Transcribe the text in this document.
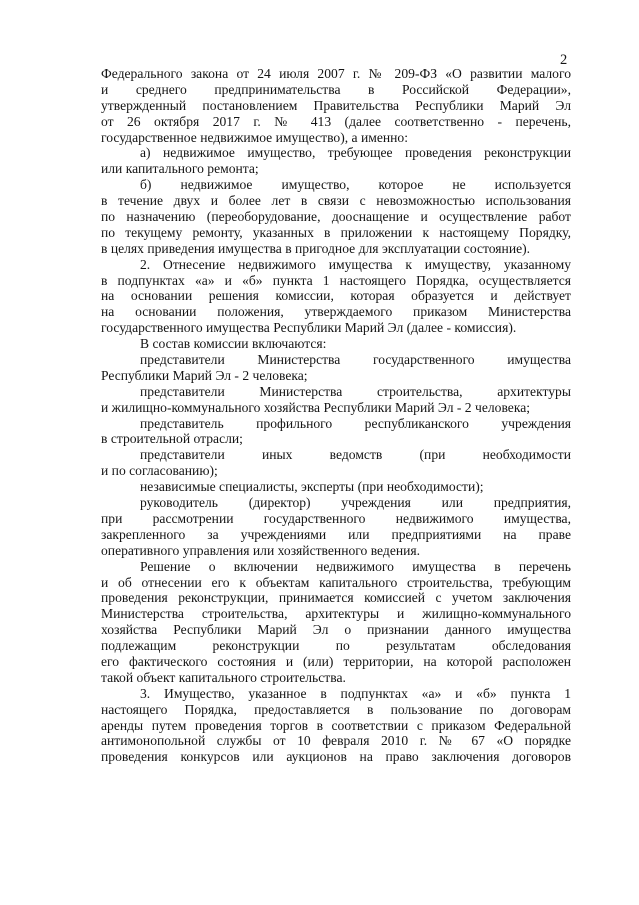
2
Федерального закона от 24 июля 2007 г. № 209-ФЗ «О развитии малого
и среднего предпринимательства в Российской Федерации»,
утвержденный постановлением Правительства Республики Марий Эл
от 26 октября 2017 г. № 413 (далее соответственно - перечень,
государственное недвижимое имущество), а именно:
а) недвижимое имущество, требующее проведения реконструкции
или капитального ремонта;
б) недвижимое имущество, которое не используется
в течение двух и более лет в связи с невозможностью использования
по назначению (переоборудование, дооснащение и осуществление работ
по текущему ремонту, указанных в приложении к настоящему Порядку,
в целях приведения имущества в пригодное для эксплуатации состояние).
2. Отнесение недвижимого имущества к имуществу, указанному
в подпунктах «а» и «б» пункта 1 настоящего Порядка, осуществляется
на основании решения комиссии, которая образуется и действует
на основании положения, утверждаемого приказом Министерства
государственного имущества Республики Марий Эл (далее - комиссия).
В состав комиссии включаются:
представители Министерства государственного имущества
Республики Марий Эл - 2 человека;
представители Министерства строительства, архитектуры
и жилищно-коммунального хозяйства Республики Марий Эл - 2 человека;
представитель профильного республиканского учреждения
в строительной отрасли;
представители иных ведомств (при необходимости
и по согласованию);
независимые специалисты, эксперты (при необходимости);
руководитель (директор) учреждения или предприятия,
при рассмотрении государственного недвижимого имущества,
закрепленного за учреждениями или предприятиями на праве
оперативного управления или хозяйственного ведения.
Решение о включении недвижимого имущества в перечень
и об отнесении его к объектам капитального строительства, требующим
проведения реконструкции, принимается комиссией с учетом заключения
Министерства строительства, архитектуры и жилищно-коммунального
хозяйства Республики Марий Эл о признании данного имущества
подлежащим реконструкции по результатам обследования
его фактического состояния и (или) территории, на которой расположен
такой объект капитального строительства.
3. Имущество, указанное в подпунктах «а» и «б» пункта 1
настоящего Порядка, предоставляется в пользование по договорам
аренды путем проведения торгов в соответствии с приказом Федеральной
антимонопольной службы от 10 февраля 2010 г. № 67 «О порядке
проведения конкурсов или аукционов на право заключения договоров
